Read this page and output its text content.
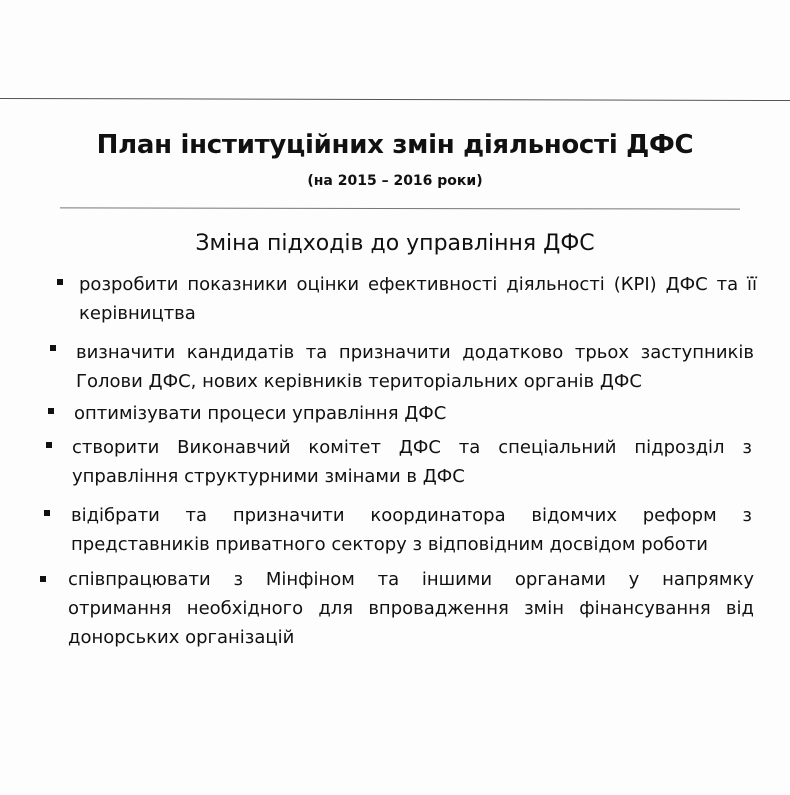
План інституційних змін діяльності ДФС
(на 2015 – 2016 роки)
Зміна підходів до управління ДФС
розробити показники оцінки ефективності діяльності (КРІ) ДФС та її
керівництва
визначити кандидатів та призначити додатково трьох заступників
Голови ДФС, нових керівників територіальних органів ДФС
оптимізувати процеси управління ДФС
створити Виконавчий комітет ДФС та спеціальний підрозділ з
управління структурними змінами в ДФС
відібрати та призначити координатора відомчих реформ з
представників приватного сектору з відповідним досвідом роботи
співпрацювати з Мінфіном та іншими органами у напрямку
отримання необхідного для впровадження змін фінансування від
донорських організацій
